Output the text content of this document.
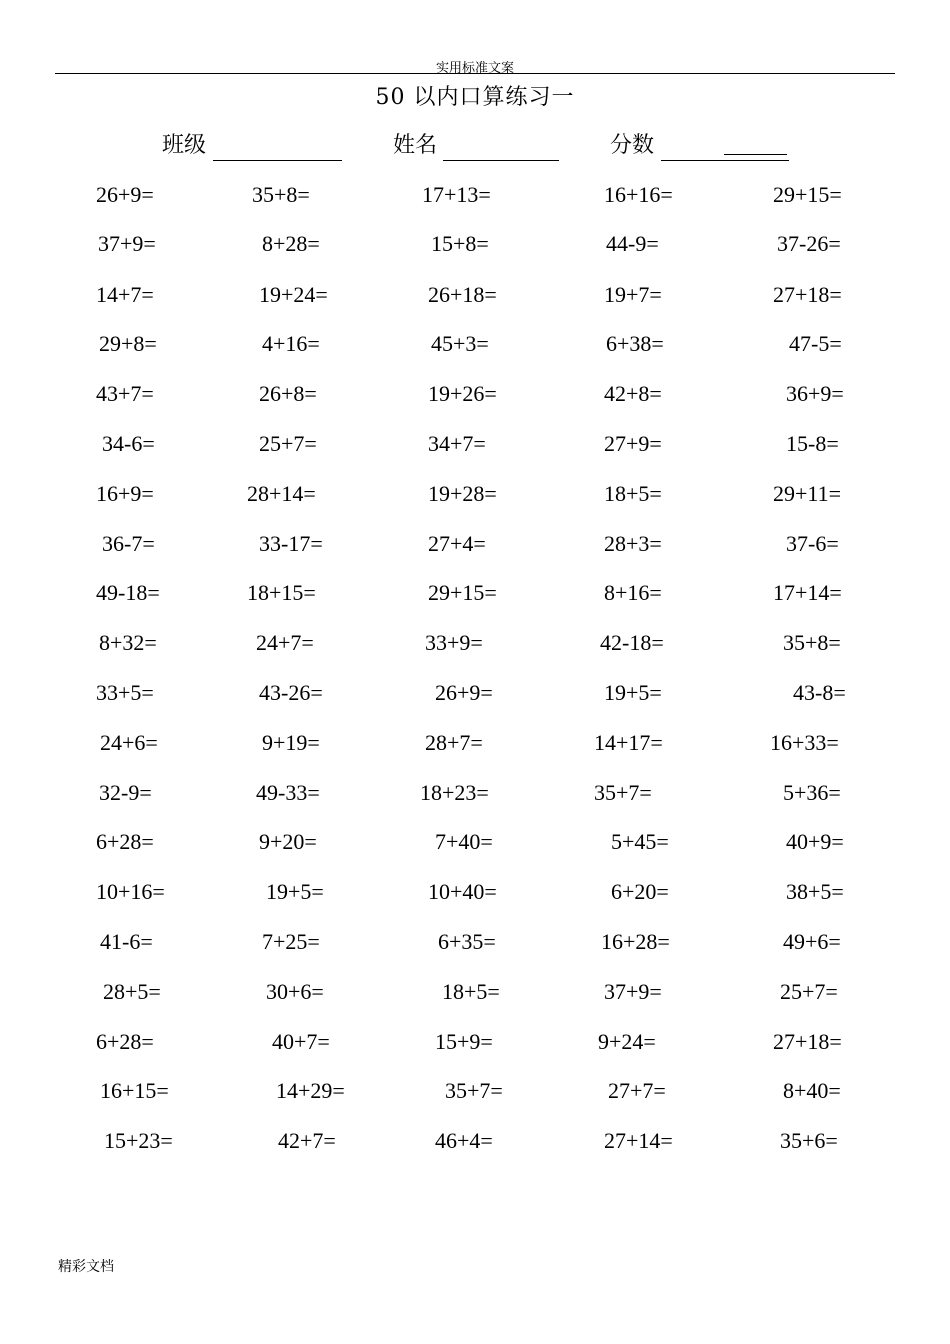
实用标准文案
50 以内口算练习一
班级	姓名	分数
26+9=	35+8=	17+13=	16+16=	29+15=
37+9=	8+28=	15+8=	44-9=	37-26=
14+7=	19+24=	26+18=	19+7=	27+18=
29+8=	4+16=	45+3=	6+38=	47-5=
43+7=	26+8=	19+26=	42+8=	36+9=
34-6=	25+7=	34+7=	27+9=	15-8=
16+9=	28+14=	19+28=	18+5=	29+11=
36-7=	33-17=	27+4=	28+3=	37-6=
49-18=	18+15=	29+15=	8+16=	17+14=
8+32=	24+7=	33+9=	42-18=	35+8=
33+5=	43-26=	26+9=	19+5=	43-8=
24+6=	9+19=	28+7=	14+17=	16+33=
32-9=	49-33=	18+23=	35+7=	5+36=
6+28=	9+20=	7+40=	5+45=	40+9=
10+16=	19+5=	10+40=	6+20=	38+5=
41-6=	7+25=	6+35=	16+28=	49+6=
28+5=	30+6=	18+5=	37+9=	25+7=
6+28=	40+7=	15+9=	9+24=	27+18=
16+15=	14+29=	35+7=	27+7=	8+40=
15+23=	42+7=	46+4=	27+14=	35+6=
精彩文档
